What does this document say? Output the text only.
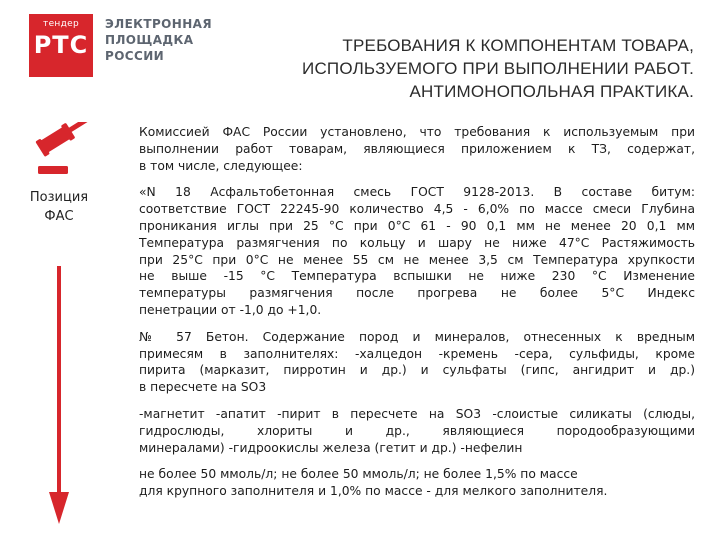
тендер
РТС
ЭЛЕКТРОННАЯ
ПЛОЩАДКА
РОССИИ
ТРЕБОВАНИЯ К КОМПОНЕНТАМ ТОВАРА,
ИСПОЛЬЗУЕМОГО ПРИ ВЫПОЛНЕНИИ РАБОТ.
АНТИМОНОПОЛЬНАЯ ПРАКТИКА.
Позиция
ФАС
Комиссией ФАС России установлено, что требования к используемым при
выполнении работ товарам, являющиеся приложением к ТЗ, содержат,
в том числе, следующее:
«N 18 Асфальтобетонная смесь ГОСТ 9128-2013. В составе битум:
соответствие ГОСТ 22245-90 количество 4,5 - 6,0% по массе смеси Глубина
проникания иглы при 25 °С при 0°С 61 - 90 0,1 мм не менее 20 0,1 мм
Температура размягчения по кольцу и шару не ниже 47°С Растяжимость
при 25°С при 0°С не менее 55 см не менее 3,5 см Температура хрупкости
не выше -15 °С Температура вспышки не ниже 230 °С Изменение
температуры размягчения после прогрева не более 5°С Индекс
пенетрации от -1,0 до +1,0.
№ 57 Бетон. Содержание пород и минералов, отнесенных к вредным
примесям в заполнителях: -халцедон -кремень -сера, сульфиды, кроме
пирита (марказит, пирротин и др.) и сульфаты (гипс, ангидрит и др.)
в пересчете на SO3
-магнетит -апатит -пирит в пересчете на SO3 -слоистые силикаты (слюды,
гидрослюды, хлориты и др., являющиеся породообразующими
минералами) -гидроокислы железа (гетит и др.) -нефелин
не более 50 ммоль/л; не более 50 ммоль/л; не более 1,5% по массе
для крупного заполнителя и 1,0% по массе - для мелкого заполнителя.
